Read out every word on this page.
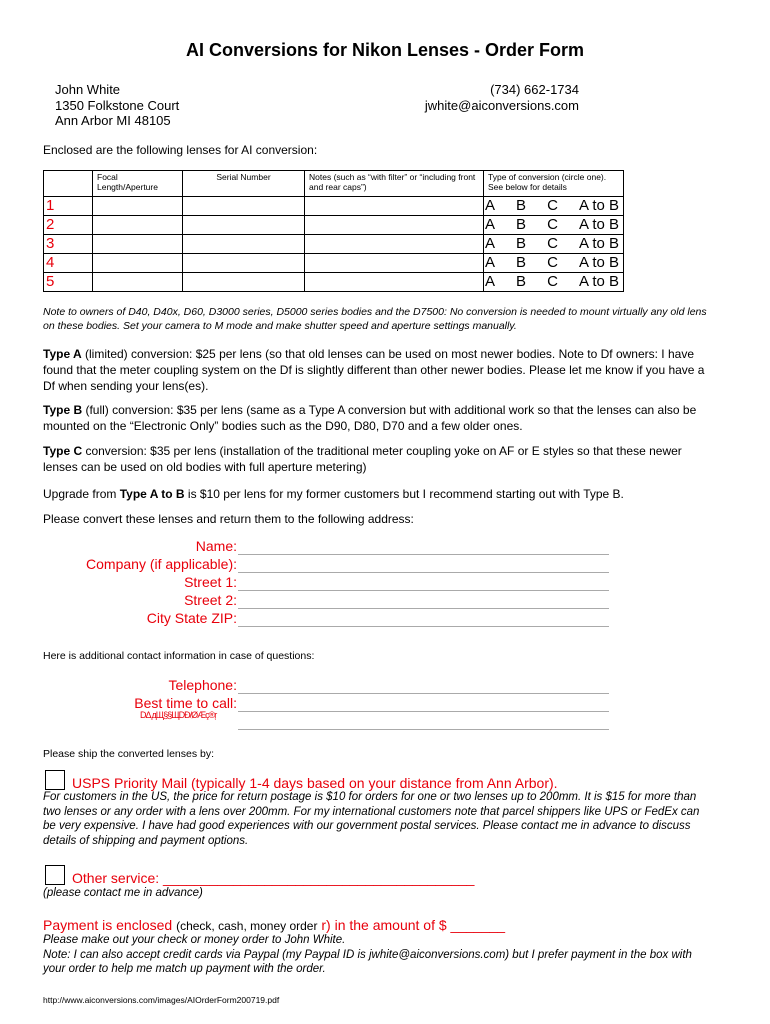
AI Conversions for Nikon Lenses - Order Form
John White
1350 Folkstone Court
Ann Arbor MI 48105
(734) 662-1734
jwhite@aiconversions.com
Enclosed are the following lenses for AI conversion:
	Focal Length/Aperture	Serial Number	Notes (such as “with filter” or “including front and rear caps”)	Type of conversion (circle one).
See below for details

1				A B C A to B

2				A B C A to B

3				A B C A to B

4				A B C A to B

5				A B C A to B
Note to owners of D40, D40x, D60, D3000 series, D5000 series bodies and the D7500: No conversion is needed to mount virtually any old lens on these bodies. Set your camera to M mode and make shutter speed and aperture settings manually.
Type A (limited) conversion: $25 per lens (so that old lenses can be used on most newer bodies. Note to Df owners: I have found that the meter coupling system on the Df is slightly different than other newer bodies. Please let me know if you have a Df when sending your lens(es).
Type B (full) conversion: $35 per lens (same as a Type A conversion but with additional work so that the lenses can also be mounted on the “Electronic Only” bodies such as the D90, D80, D70 and a few older ones.
Type C conversion: $35 per lens (installation of the traditional meter coupling yoke on AF or E styles so that these newer lenses can be used on old bodies with full aperture metering)
Upgrade from Type A to B is $10 per lens for my former customers but I recommend starting out with Type B.
Please convert these lenses and return them to the following address:
Name:
Company (if applicable):
Street 1:
Street 2:
City State ZIP:
Here is additional contact information in case of questions:
Telephone:
Best time to call:
DΔ дЩ§§ЩDÐ/ØÆç®ŗ
Please ship the converted lenses by:
USPS Priority Mail (typically 1-4 days based on your distance from Ann Arbor).
For customers in the US, the price for return postage is $10 for orders for one or two lenses up to 200mm. It is $15 for more than two lenses or any order with a lens over 200mm. For my international customers note that parcel shippers like UPS or FedEx can be very expensive. I have had good experiences with our government postal services. Please contact me in advance to discuss details of shipping and payment options.
Other service: ________________________________________
(please contact me in advance)
Payment is enclosed (check, cash, money order r) in the amount of $ _______
Please make out your check or money order to John White.
Note: I can also accept credit cards via Paypal (my Paypal ID is jwhite@aiconversions.com) but I prefer payment in the box with your order to help me match up payment with the order.
http://www.aiconversions.com/images/AIOrderForm200719.pdf
